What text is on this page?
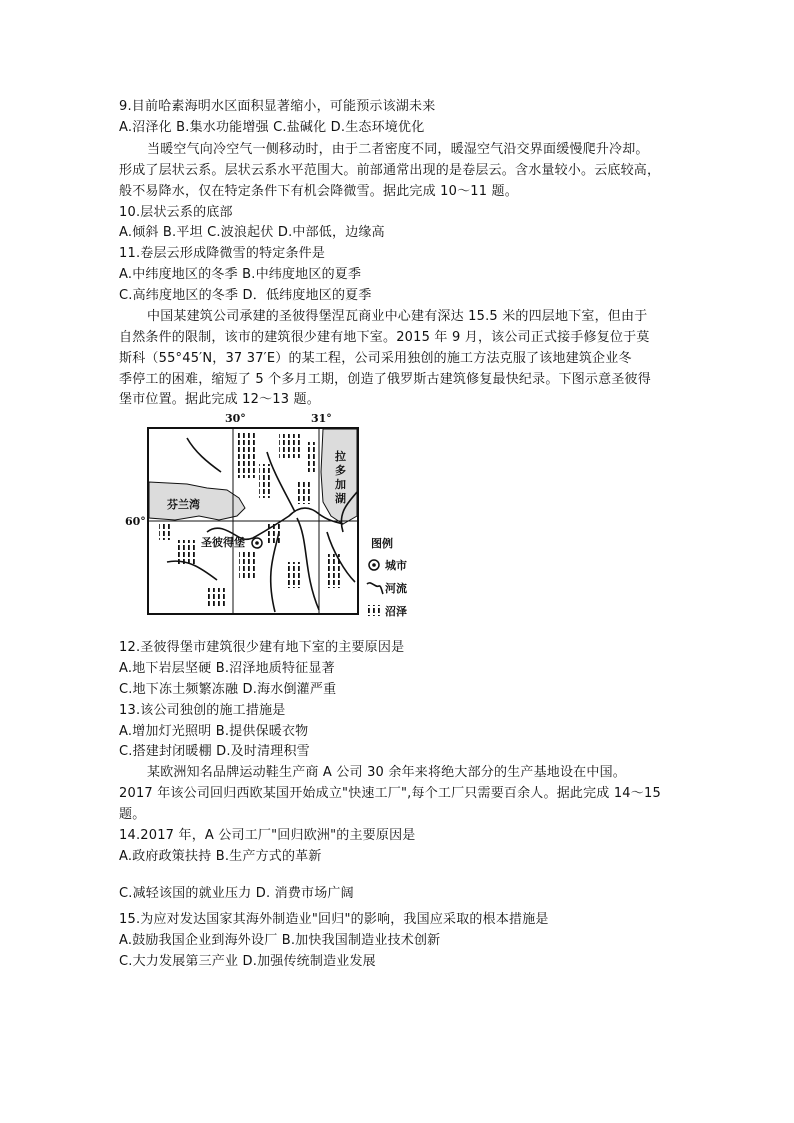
9.目前哈素海明水区面积显著缩小，可能预示该湖未来
A.沼泽化 B.集水功能增强 C.盐碱化 D.生态环境优化
当暖空气向冷空气一侧移动时，由于二者密度不同，暖湿空气沿交界面缓慢爬升冷却。
形成了层状云系。层状云系水平范围大。前部通常出现的是卷层云。含水量较小。云底较高，
般不易降水，仅在特定条件下有机会降微雪。据此完成 10～11 题。
10.层状云系的底部
A.倾斜 B.平坦 C.波浪起伏 D.中部低，边缘高
11.卷层云形成降微雪的特定条件是
A.中纬度地区的冬季 B.中纬度地区的夏季
C.高纬度地区的冬季 D．低纬度地区的夏季
中国某建筑公司承建的圣彼得堡涅瓦商业中心建有深达 15.5 米的四层地下室，但由于
自然条件的限制，该市的建筑很少建有地下室。2015 年 9 月，该公司正式接手修复位于莫
斯科（55°45′N，37 37′E）的某工程，公司采用独创的施工方法克服了该地建筑企业冬
季停工的困难，缩短了 5 个多月工期，创造了俄罗斯古建筑修复最快纪录。下图示意圣彼得
堡市位置。据此完成 12～13 题。
30°	31°
60°
芬兰湾
拉
多
加
湖
圣彼得堡	图例
城市
河流
沼泽
12.圣彼得堡市建筑很少建有地下室的主要原因是
A.地下岩层坚硬 B.沼泽地质特征显著
C.地下冻土频繁冻融 D.海水倒灌严重
13.该公司独创的施工措施是
A.增加灯光照明 B.提供保暖衣物
C.搭建封闭暖棚 D.及时清理积雪
某欧洲知名品牌运动鞋生产商 A 公司 30 余年来将绝大部分的生产基地设在中国。
2017 年该公司回归西欧某国开始成立"快速工厂",每个工厂只需要百余人。据此完成 14～15
题。
14.2017 年，A 公司工厂"回归欧洲"的主要原因是
A.政府政策扶持 B.生产方式的革新
C.减轻该国的就业压力 D. 消费市场广阔
15.为应对发达国家其海外制造业"回归"的影响，我国应采取的根本措施是
A.鼓励我国企业到海外设厂 B.加快我国制造业技术创新
C.大力发展第三产业 D.加强传统制造业发展
